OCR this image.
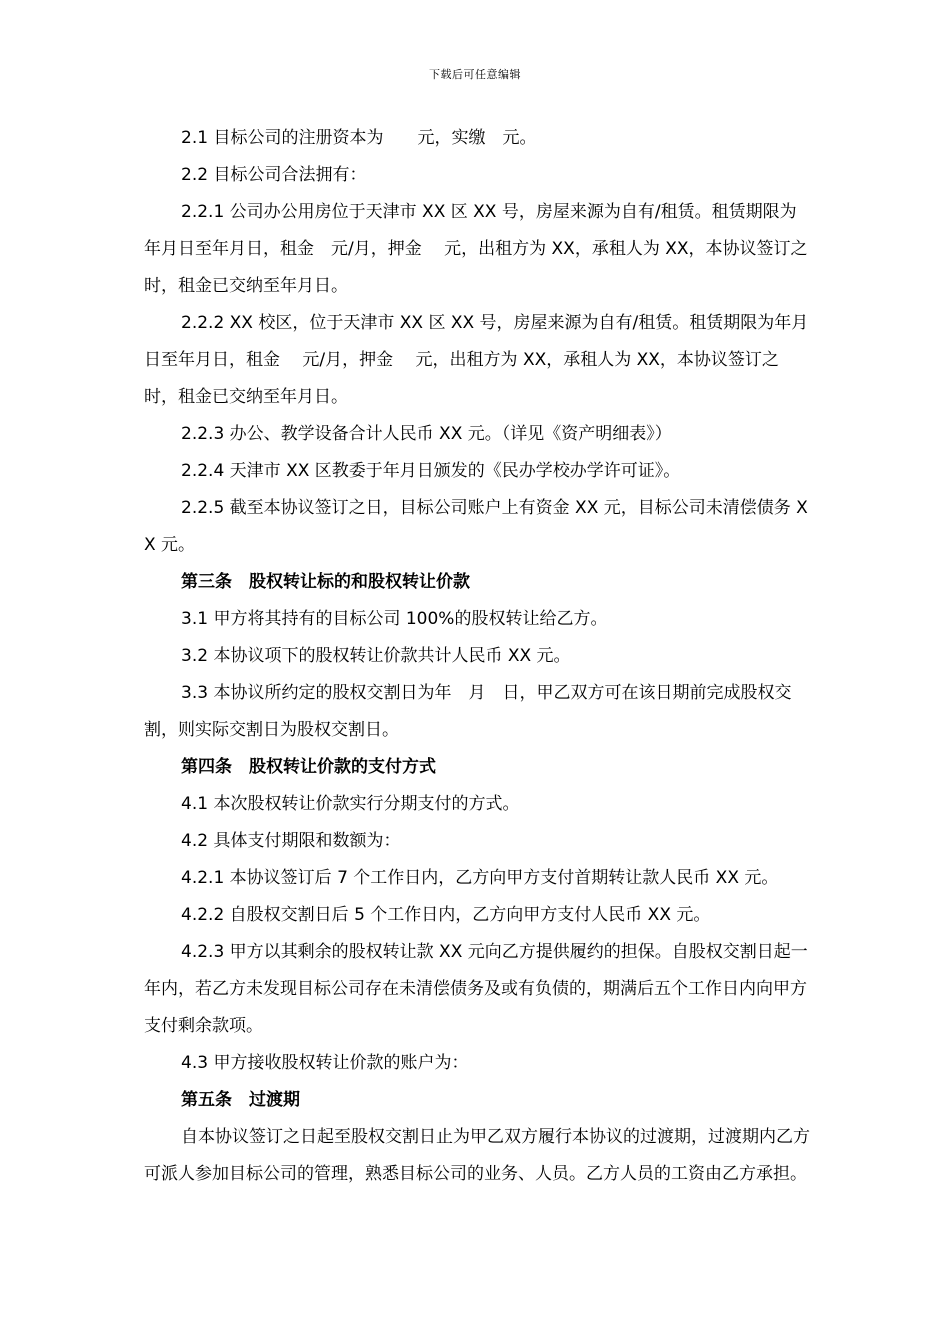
下载后可任意编辑

2.1 目标公司的注册资本为　　元，实缴　元。

2.2 目标公司合法拥有：

2.2.1 公司办公用房位于天津市 XX 区 XX 号，房屋来源为自有/租赁。租赁期限为年月日至年月日，租金　元/月，押金　 元，出租方为 XX，承租人为 XX，本协议签订之时，租金已交纳至年月日。

2.2.2 XX 校区，位于天津市 XX 区 XX 号，房屋来源为自有/租赁。租赁期限为年月日至年月日，租金　 元/月，押金　 元，出租方为 XX，承租人为 XX，本协议签订之时，租金已交纳至年月日。

2.2.3 办公、教学设备合计人民币 XX 元。（详见《资产明细表》）

2.2.4 天津市 XX 区教委于年月日颁发的《民办学校办学许可证》。

2.2.5 截至本协议签订之日，目标公司账户上有资金 XX 元，目标公司未清偿债务 XX 元。

第三条　股权转让标的和股权转让价款

3.1 甲方将其持有的目标公司 100%的股权转让给乙方。

3.2 本协议项下的股权转让价款共计人民币 XX 元。

3.3 本协议所约定的股权交割日为年　月　日，甲乙双方可在该日期前完成股权交割，则实际交割日为股权交割日。

第四条　股权转让价款的支付方式

4.1 本次股权转让价款实行分期支付的方式。

4.2 具体支付期限和数额为：

4.2.1 本协议签订后 7 个工作日内，乙方向甲方支付首期转让款人民币 XX 元。

4.2.2 自股权交割日后 5 个工作日内，乙方向甲方支付人民币 XX 元。

4.2.3 甲方以其剩余的股权转让款 XX 元向乙方提供履约的担保。自股权交割日起一年内，若乙方未发现目标公司存在未清偿债务及或有负债的，期满后五个工作日内向甲方支付剩余款项。

4.3 甲方接收股权转让价款的账户为：

第五条　过渡期

自本协议签订之日起至股权交割日止为甲乙双方履行本协议的过渡期，过渡期内乙方可派人参加目标公司的管理，熟悉目标公司的业务、人员。乙方人员的工资由乙方承担。
